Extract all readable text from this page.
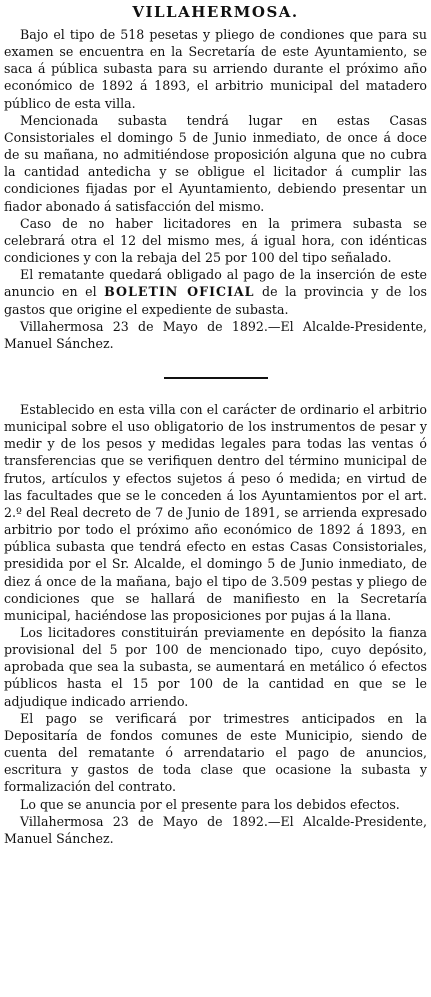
VILLAHERMOSA.

Bajo el tipo de 518 pesetas y pliego de condiones que para su examen se encuentra en la Secretaría de este Ayuntamiento, se saca á pública subasta para su arriendo durante el próximo año económico de 1892 á 1893, el arbitrio municipal del matadero público de esta villa.

Mencionada subasta tendrá lugar en estas Casas Consistoriales el domingo 5 de Junio inmediato, de once á doce de su mañana, no admitiéndose proposición alguna que no cubra la cantidad antedicha y se obligue el licitador á cumplir las condiciones fijadas por el Ayuntamiento, debiendo presentar un fiador abonado á satisfacción del mismo.

Caso de no haber licitadores en la primera subasta se celebrará otra el 12 del mismo mes, á igual hora, con idénticas condiciones y con la rebaja del 25 por 100 del tipo señalado.

El rematante quedará obligado al pago de la inserción de este anuncio en el BOLETIN OFICIAL de la provincia y de los gastos que origine el expediente de subasta.

Villahermosa 23 de Mayo de 1892.—El Alcalde-Presidente, Manuel Sánchez.

Establecido en esta villa con el carácter de ordinario el arbitrio municipal sobre el uso obligatorio de los instrumentos de pesar y medir y de los pesos y medidas legales para todas las ventas ó transferencias que se verifiquen dentro del término municipal de frutos, artículos y efectos sujetos á peso ó medida; en virtud de las facultades que se le conceden á los Ayuntamientos por el art. 2.º del Real decreto de 7 de Junio de 1891, se arrienda expresado arbitrio por todo el próximo año económico de 1892 á 1893, en pública subasta que tendrá efecto en estas Casas Consistoriales, presidida por el Sr. Alcalde, el domingo 5 de Junio inmediato, de diez á once de la mañana, bajo el tipo de 3.509 pestas y pliego de condiciones que se hallará de manifiesto en la Secretaría municipal, haciéndose las proposiciones por pujas á la llana.

Los licitadores constituirán previamente en depósito la fianza provisional del 5 por 100 de mencionado tipo, cuyo depósito, aprobada que sea la subasta, se aumentará en metálico ó efectos públicos hasta el 15 por 100 de la cantidad en que se le adjudique indicado arriendo.

El pago se verificará por trimestres anticipados en la Depositaría de fondos comunes de este Municipio, siendo de cuenta del rematante ó arrendatario el pago de anuncios, escritura y gastos de toda clase que ocasione la subasta y formalización del contrato.

Lo que se anuncia por el presente para los debidos efectos.

Villahermosa 23 de Mayo de 1892.—El Alcalde-Presidente, Manuel Sánchez.
